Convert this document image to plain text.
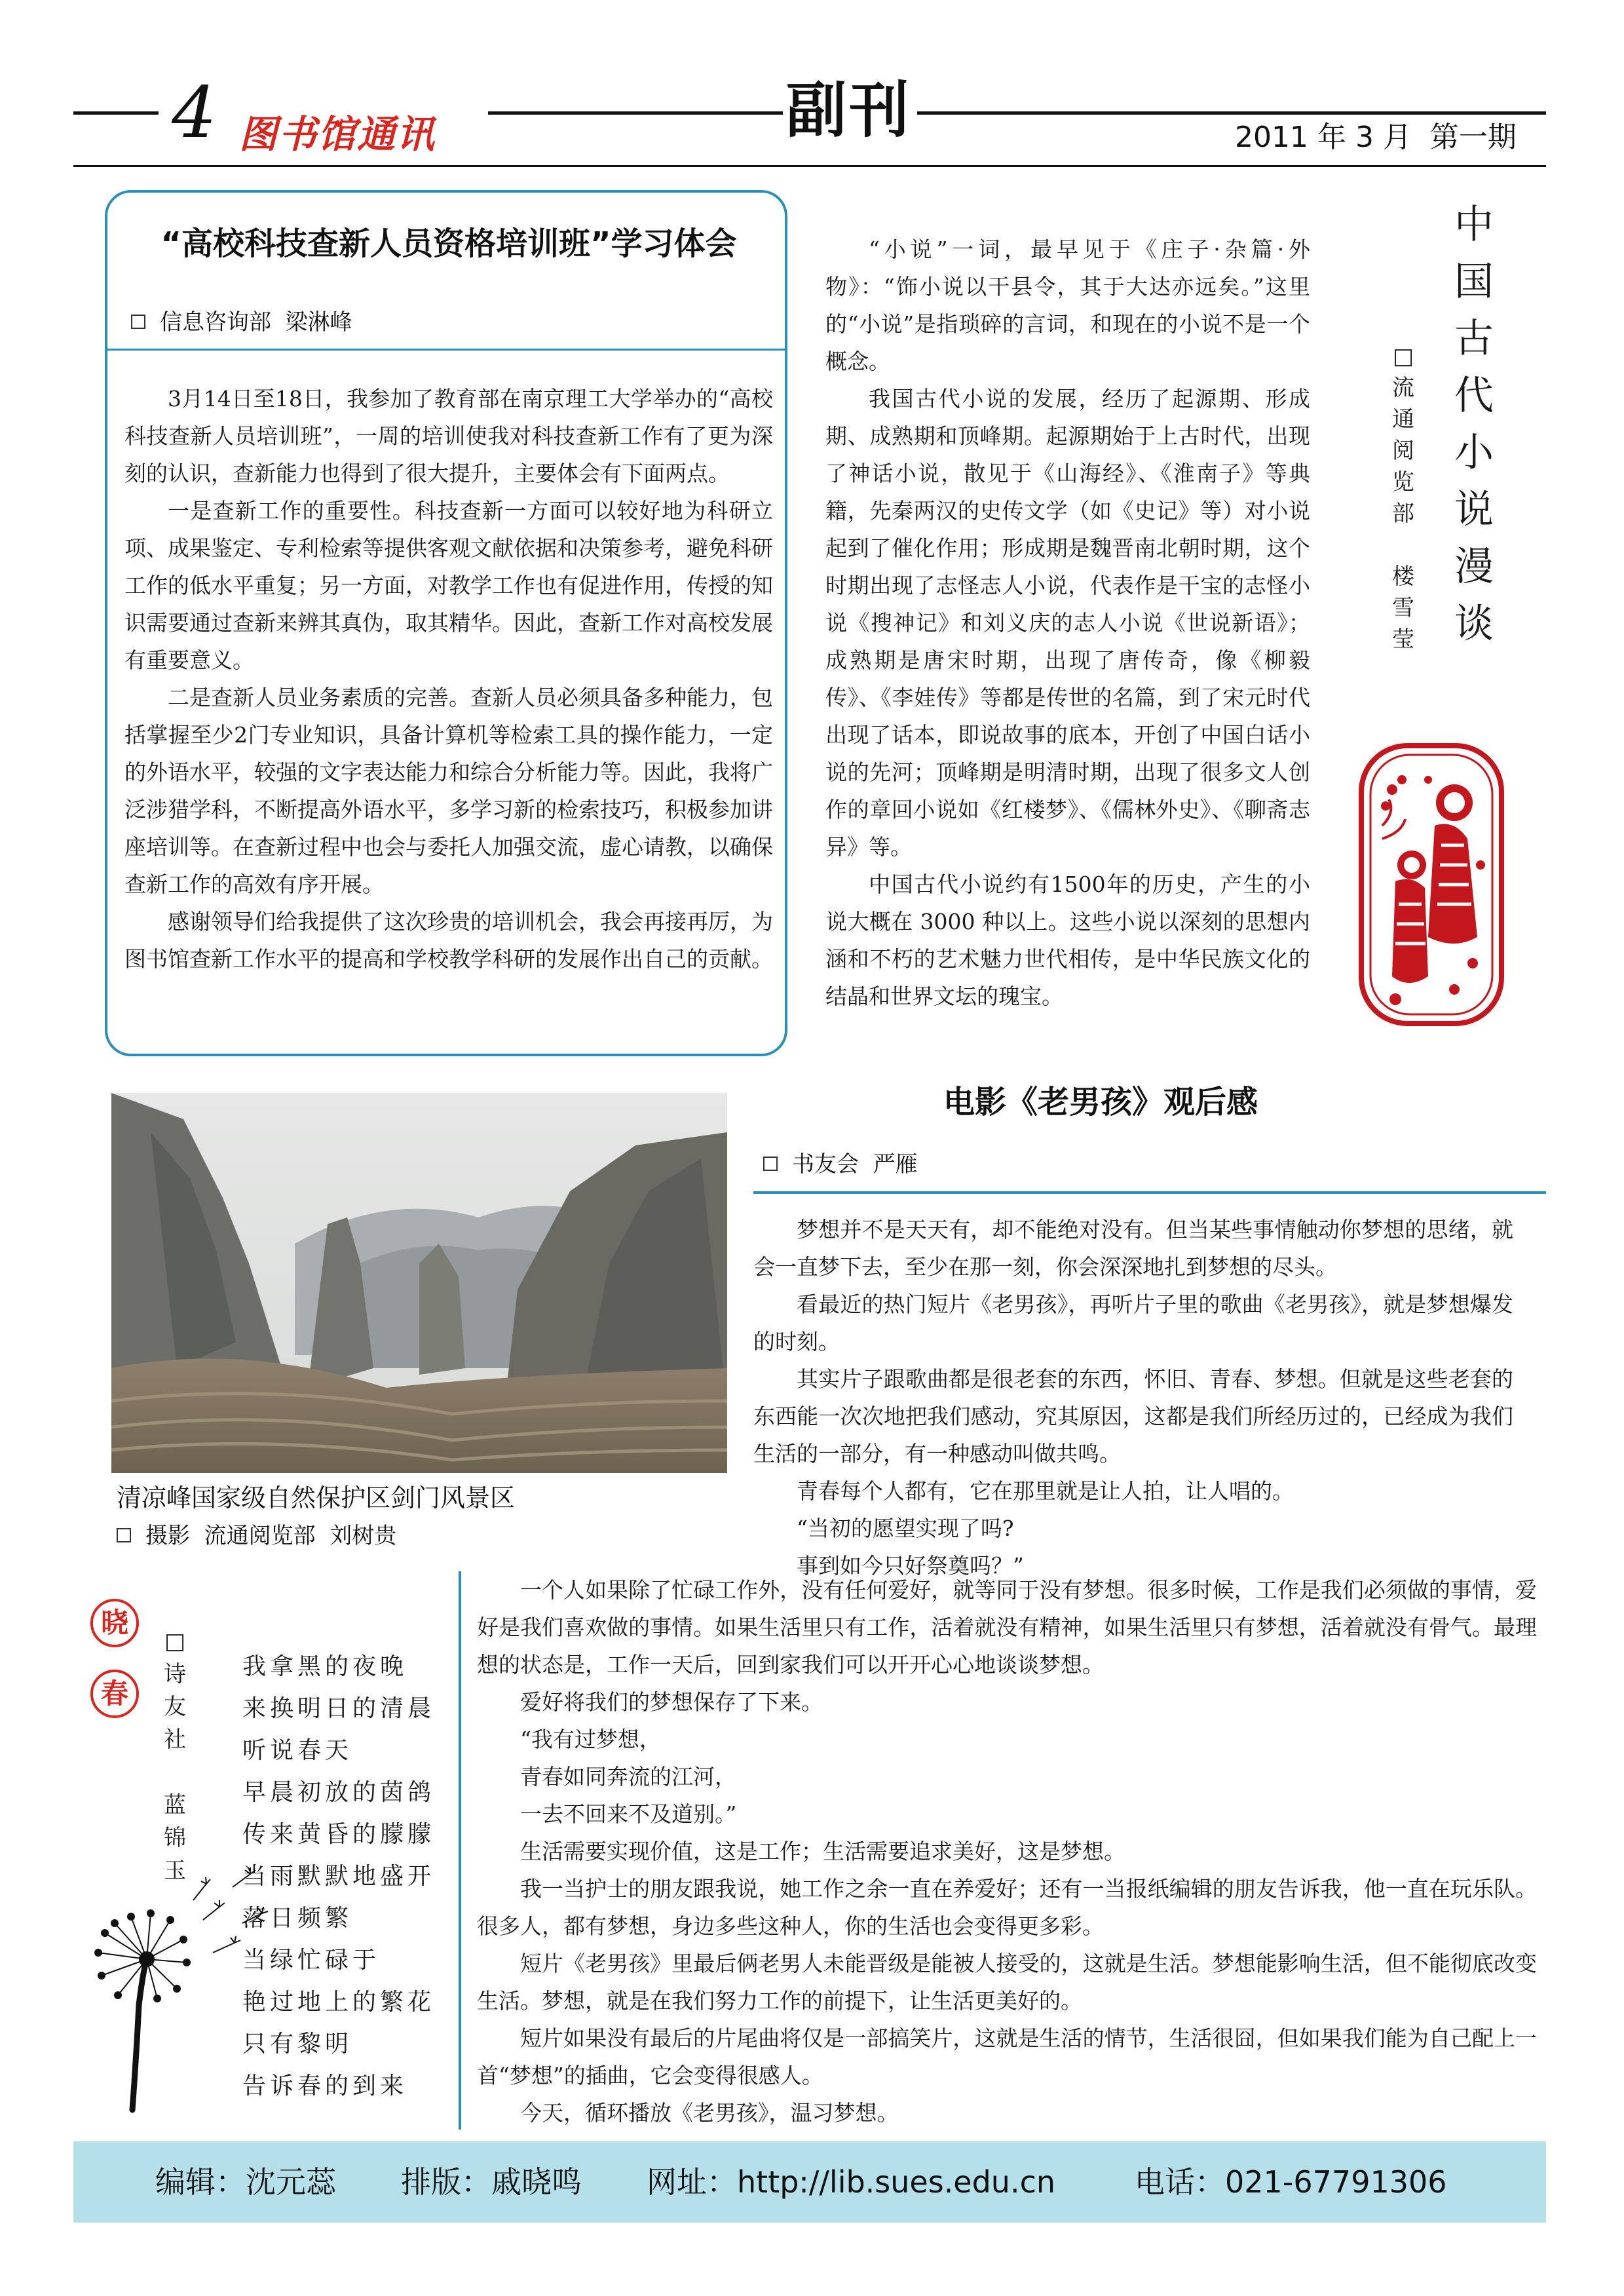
4 图书馆通讯	副刊	2011 年 3 月  第一期
“高校科技查新人员资格培训班”学习体会
信息咨询部  梁淋峰

3月14日至18日，我参加了教育部在南京理工大学举办的“高校科技查新人员培训班”，一周的培训使我对科技查新工作有了更为深刻的认识，查新能力也得到了很大提升，主要体会有下面两点。

一是查新工作的重要性。科技查新一方面可以较好地为科研立项、成果鉴定、专利检索等提供客观文献依据和决策参考，避免科研工作的低水平重复；另一方面，对教学工作也有促进作用，传授的知识需要通过查新来辨其真伪，取其精华。因此，查新工作对高校发展有重要意义。

二是查新人员业务素质的完善。查新人员必须具备多种能力，包括掌握至少2门专业知识，具备计算机等检索工具的操作能力，一定的外语水平，较强的文字表达能力和综合分析能力等。因此，我将广泛涉猎学科，不断提高外语水平，多学习新的检索技巧，积极参加讲座培训等。在查新过程中也会与委托人加强交流，虚心请教，以确保查新工作的高效有序开展。

感谢领导们给我提供了这次珍贵的培训机会，我会再接再厉，为图书馆查新工作水平的提高和学校教学科研的发展作出自己的贡献。

“小说”一词，最早见于《庄子·杂篇·外物》：“饰小说以干县令，其于大达亦远矣。”这里的“小说”是指琐碎的言词，和现在的小说不是一个概念。

我国古代小说的发展，经历了起源期、形成期、成熟期和顶峰期。起源期始于上古时代，出现了神话小说，散见于《山海经》、《淮南子》等典籍，先秦两汉的史传文学（如《史记》等）对小说起到了催化作用；形成期是魏晋南北朝时期，这个时期出现了志怪志人小说，代表作是干宝的志怪小说《搜神记》和刘义庆的志人小说《世说新语》；成熟期是唐宋时期，出现了唐传奇，像《柳毅传》、《李娃传》等都是传世的名篇，到了宋元时代出现了话本，即说故事的底本，开创了中国白话小说的先河；顶峰期是明清时期，出现了很多文人创作的章回小说如《红楼梦》、《儒林外史》、《聊斋志异》等。

中国古代小说约有1500年的历史，产生的小说大概在 3000 种以上。这些小说以深刻的思想内涵和不朽的艺术魅力世代相传，是中华民族文化的结晶和世界文坛的瑰宝。

中
国
古
代
小
说
漫
谈
□
流
通
阅
览
部
楼
雪
莹
清凉峰国家级自然保护区剑门风景区
摄影  流通阅览部  刘树贵
电影《老男孩》观后感
书友会  严雁

梦想并不是天天有，却不能绝对没有。但当某些事情触动你梦想的思绪，就会一直梦下去，至少在那一刻，你会深深地扎到梦想的尽头。

看最近的热门短片《老男孩》，再听片子里的歌曲《老男孩》，就是梦想爆发的时刻。

其实片子跟歌曲都是很老套的东西，怀旧、青春、梦想。但就是这些老套的东西能一次次地把我们感动，究其原因，这都是我们所经历过的，已经成为我们生活的一部分，有一种感动叫做共鸣。

青春每个人都有，它在那里就是让人拍，让人唱的。

“当初的愿望实现了吗?

事到如今只好祭奠吗？”

一个人如果除了忙碌工作外，没有任何爱好，就等同于没有梦想。很多时候，工作是我们必须做的事情，爱好是我们喜欢做的事情。如果生活里只有工作，活着就没有精神，如果生活里只有梦想，活着就没有骨气。最理想的状态是，工作一天后，回到家我们可以开开心心地谈谈梦想。

爱好将我们的梦想保存了下来。

“我有过梦想，

青春如同奔流的江河，

一去不回来不及道别。”

生活需要实现价值，这是工作；生活需要追求美好，这是梦想。

我一当护士的朋友跟我说，她工作之余一直在养爱好；还有一当报纸编辑的朋友告诉我，他一直在玩乐队。很多人，都有梦想，身边多些这种人，你的生活也会变得更多彩。

短片《老男孩》里最后俩老男人未能晋级是能被人接受的，这就是生活。梦想能影响生活，但不能彻底改变生活。梦想，就是在我们努力工作的前提下，让生活更美好的。

短片如果没有最后的片尾曲将仅是一部搞笑片，这就是生活的情节，生活很囧，但如果我们能为自己配上一首“梦想”的插曲，它会变得很感人。

今天，循环播放《老男孩》，温习梦想。

晓
春
□
诗
友
社
蓝
锦
玉
我拿黑的夜晚
来换明日的清晨
听说春天
早晨初放的茵鸽
传来黄昏的朦朦
当雨默默地盛开
落日频繁
当绿忙碌于
艳过地上的繁花
只有黎明
告诉春的到来
编辑：沈元蕊 排版：戚晓鸣 网址：http://lib.sues.edu.cn	电话：021-67791306
